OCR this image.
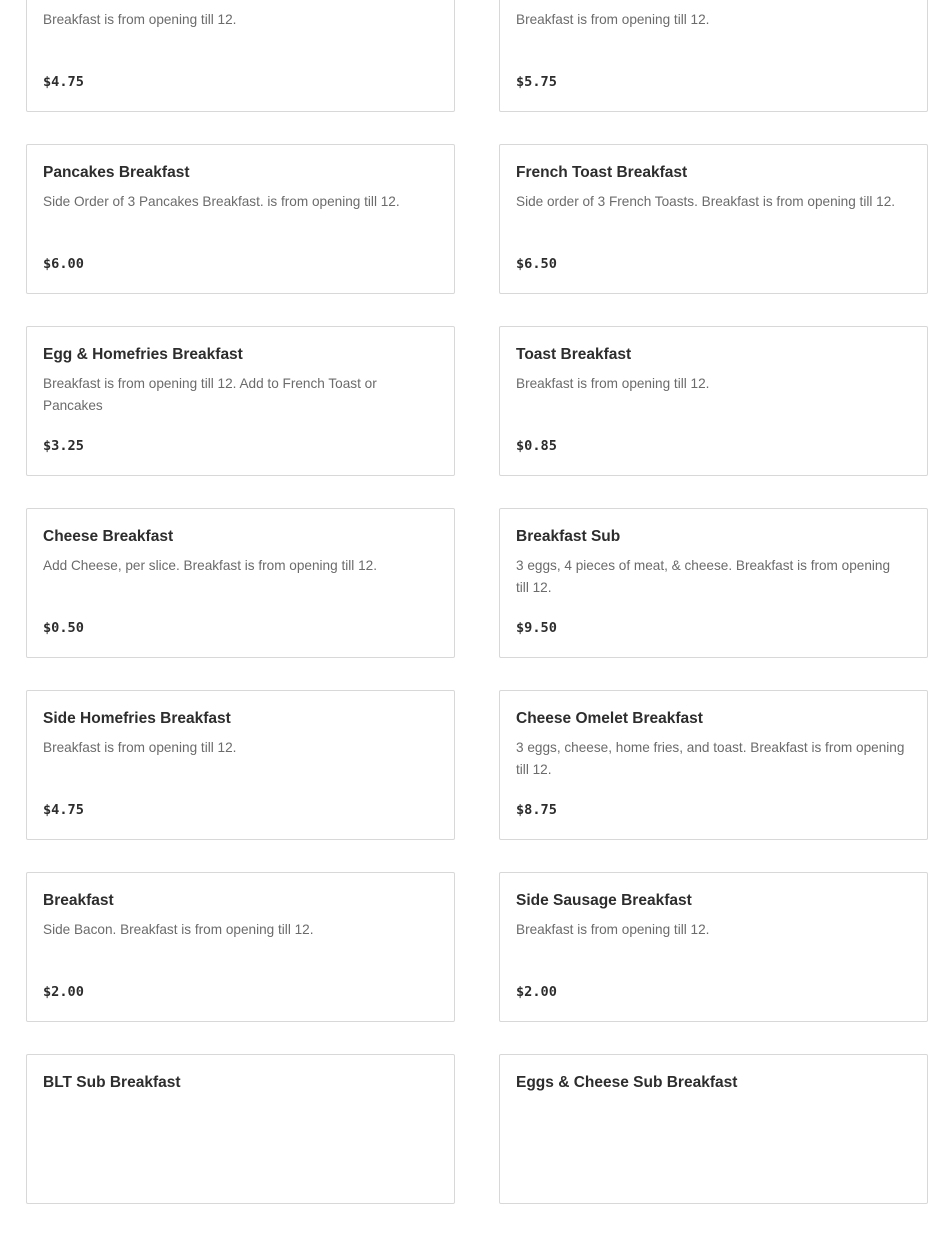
Breakfast is from opening till 12.
$4.75
Breakfast is from opening till 12.
$5.75
Pancakes Breakfast
Side Order of 3 Pancakes Breakfast. is from opening till 12.
$6.00
French Toast Breakfast
Side order of 3 French Toasts. Breakfast is from opening till 12.
$6.50
Egg & Homefries Breakfast
Breakfast is from opening till 12. Add to French Toast or Pancakes
$3.25
Toast Breakfast
Breakfast is from opening till 12.
$0.85
Cheese Breakfast
Add Cheese, per slice. Breakfast is from opening till 12.
$0.50
Breakfast Sub
3 eggs, 4 pieces of meat, & cheese. Breakfast is from opening till 12.
$9.50
Side Homefries Breakfast
Breakfast is from opening till 12.
$4.75
Cheese Omelet Breakfast
3 eggs, cheese, home fries, and toast. Breakfast is from opening till 12.
$8.75
Breakfast
Side Bacon. Breakfast is from opening till 12.
$2.00
Side Sausage Breakfast
Breakfast is from opening till 12.
$2.00
BLT Sub Breakfast	Eggs & Cheese Sub Breakfast
